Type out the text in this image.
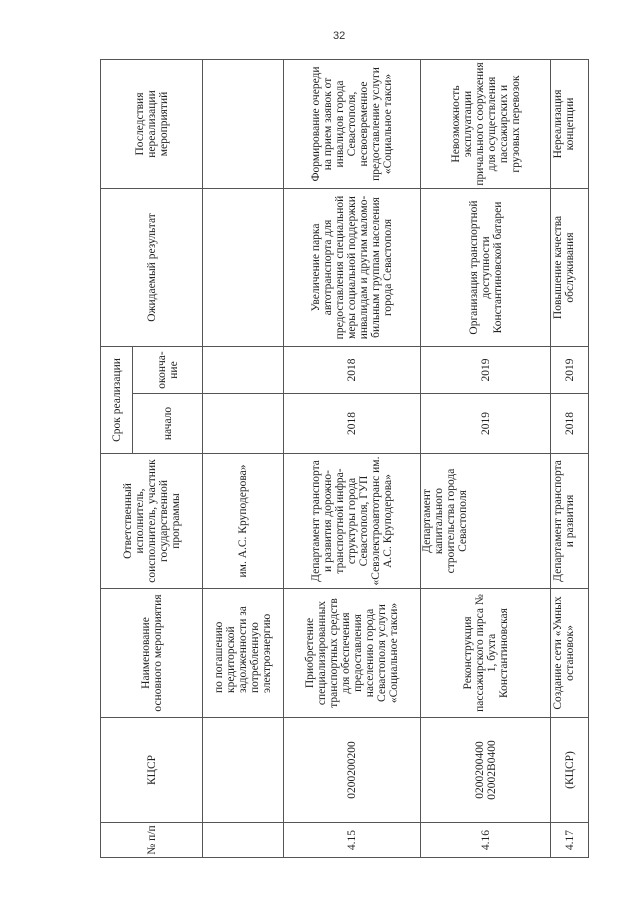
32
№ п/п	КЦСР	Наименование основного мероприятия	Ответственный исполнитель, соисполнитель, участник государственной программы	Срок реализации		Ожидаемый результат	Последствия нереализации мероприятий
				начало	оконча-ние		
		по погашению кредиторской задолженности за потребленную электроэнергию	им. А.С. Круподерова»				
4.15	0200200200	Приобретение специализированных транспортных средств для обеспечения предоставления населению города Севастополя услуги «Социальное такси»	Департамент транспорта и развития дорожно-транспортной инфра-структуры города Севастополя, ГУП «Севэлектроавтотранс им. А.С. Круподерова»	2018	2018	Увеличение парка автотранспорта для предоставления специальной меры социальной поддержки инвалидам и другим маломо-бильным группам населения города Севастополя	Формирование очереди на прием заявок от инвалидов города Севастополя, несвоевременное предоставление услуги «Социальное такси»
4.16	0200200400 02002B0400	Реконструкция пассажирского пирса № 1, бухта Константиновская	Департамент капитального строительства города Севастополя	2019	2019	Организация транспортной доступности Константиновской батареи	Невозможность эксплуатации причального сооружения для осуществления пассажирских и грузовых перевозок
4.17	(КЦСР)	Создание сети «Умных остановок»	Департамент транспорта и развития	2018	2019	Повышение качества обслуживания	Нереализация концепции
